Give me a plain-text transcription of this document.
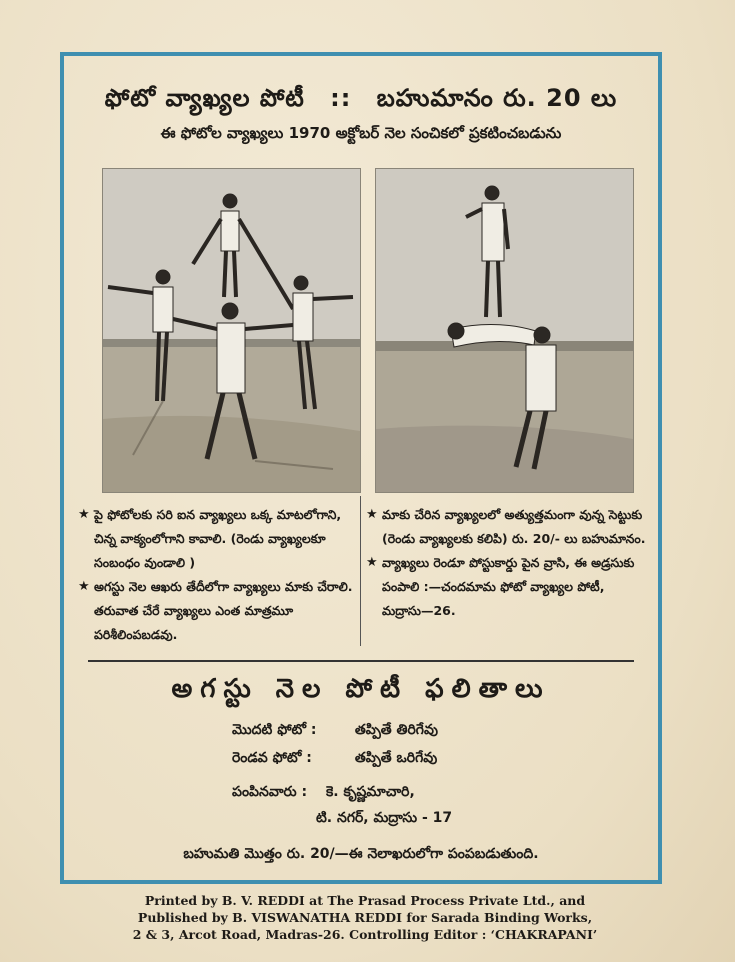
ఫోటో వ్యాఖ్యల పోటీ :: బహుమానం రు. 20 లు
ఈ ఫోటోల వ్యాఖ్యలు 1970 అక్టోబర్ నెల సంచికలో ప్రకటించబడును
★ పై ఫోటోలకు సరి ఐన వ్యాఖ్యలు ఒక్క మాటలోగాని, చిన్న వాక్యంలోగాని కావాలి. (రెండు వ్యాఖ్యలకూ సంబంధం వుండాలి )
★ అగస్టు నెల ఆఖరు తేదీలోగా వ్యాఖ్యలు మాకు చేరాలి. తరువాత చేరే వ్యాఖ్యలు ఎంత మాత్రమూ పరిశీలింపబడవు.
★ మాకు చేరిన వ్యాఖ్యలలో అత్యుత్తమంగా వున్న సెట్టుకు (రెండు వ్యాఖ్యలకు కలిపి) రు. 20/- లు బహుమానం.
★ వ్యాఖ్యలు రెండూ పోస్టుకార్డు పైన వ్రాసి, ఈ అడ్రసుకు పంపాలి :—చందమామ ఫోటో వ్యాఖ్యల పోటీ, మద్రాసు—26.
అగస్టు నెల పోటీ ఫలితాలు
మొదటి ఫోటో :	తప్పితే తిరిగేవు
రెండవ ఫోటో :	తప్పితే ఒరిగేవు
పంపినవారు : కె. కృష్ణమాచారి,
టి. నగర్, మద్రాసు - 17
బహుమతి మొత్తం రు. 20/—ఈ నెలాఖరులోగా పంపబడుతుంది.
Printed by B. V. REDDI at The Prasad Process Private Ltd., and
Published by B. VISWANATHA REDDI for Sarada Binding Works,
2 & 3, Arcot Road, Madras-26. Controlling Editor : ‘CHAKRAPANI’
